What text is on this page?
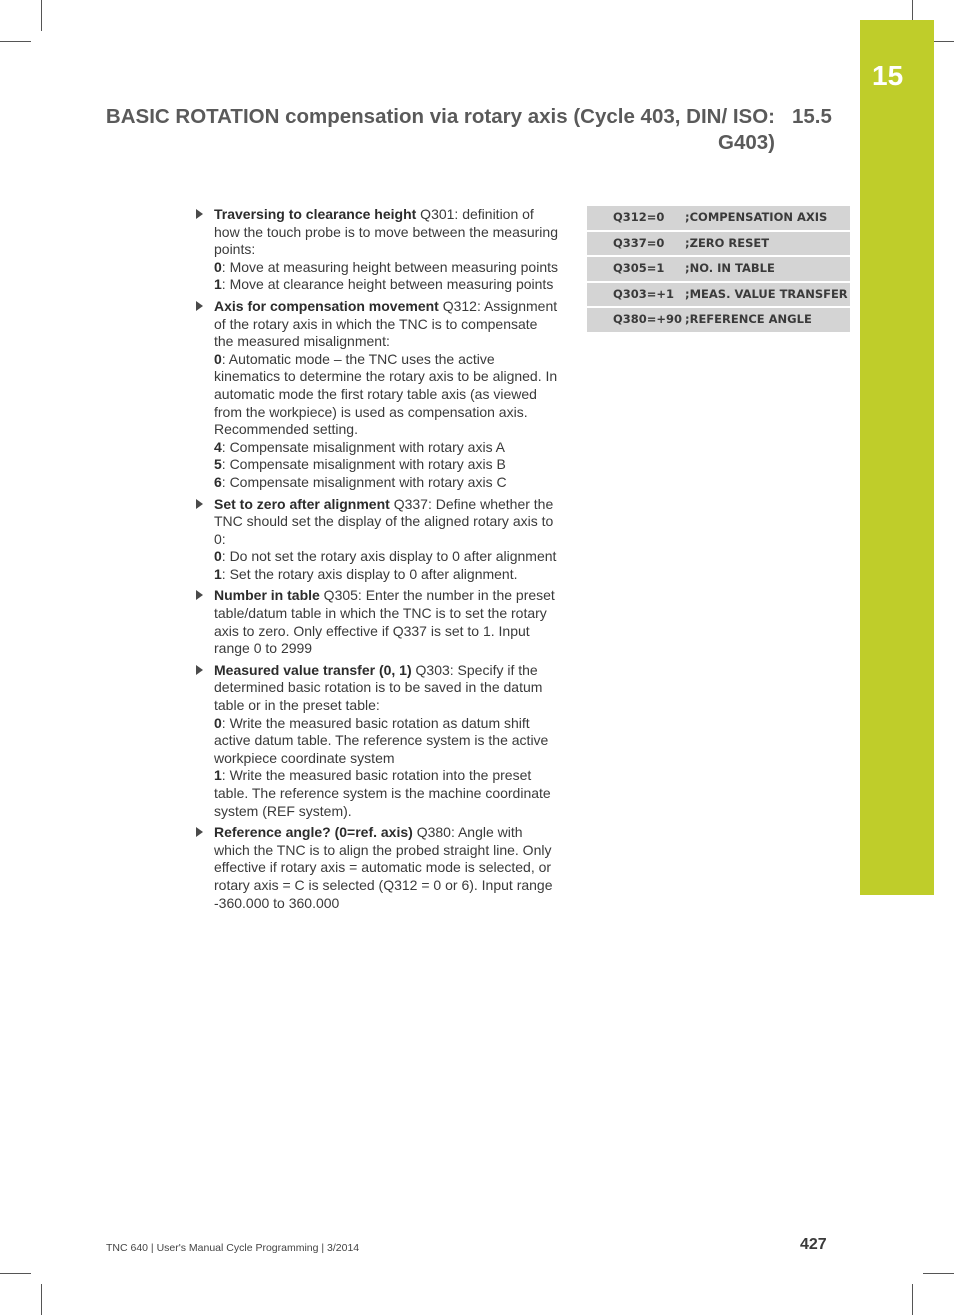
15
BASIC ROTATION compensation via rotary axis (Cycle 403, DIN/ ISO: G403)
15.5
Traversing to clearance height Q301: definition of how the touch probe is to move between the measuring points:
0: Move at measuring height between measuring points
1: Move at clearance height between measuring points
Axis for compensation movement Q312: Assignment of the rotary axis in which the TNC is to compensate the measured misalignment:
0: Automatic mode – the TNC uses the active kinematics to determine the rotary axis to be aligned. In automatic mode the first rotary table axis (as viewed from the workpiece) is used as compensation axis. Recommended setting.
4: Compensate misalignment with rotary axis A
5: Compensate misalignment with rotary axis B
6: Compensate misalignment with rotary axis C
Set to zero after alignment Q337: Define whether the TNC should set the display of the aligned rotary axis to 0:
0: Do not set the rotary axis display to 0 after alignment
1: Set the rotary axis display to 0 after alignment.
Number in table Q305: Enter the number in the preset table/datum table in which the TNC is to set the rotary axis to zero. Only effective if Q337 is set to 1. Input range 0 to 2999
Measured value transfer (0, 1) Q303: Specify if the determined basic rotation is to be saved in the datum table or in the preset table:
0: Write the measured basic rotation as datum shift active datum table. The reference system is the active workpiece coordinate system
1: Write the measured basic rotation into the preset table. The reference system is the machine coordinate system (REF system).
Reference angle? (0=ref. axis) Q380: Angle with which the TNC is to align the probed straight line. Only effective if rotary axis = automatic mode is selected, or rotary axis = C is selected (Q312 = 0 or 6). Input range -360.000 to 360.000
Q312=0	;COMPENSATION AXIS
Q337=0	;ZERO RESET
Q305=1	;NO. IN TABLE
Q303=+1 ;MEAS. VALUE TRANSFER
Q380=+90 ;REFERENCE ANGLE
TNC 640 | User's Manual Cycle Programming | 3/2014	427
